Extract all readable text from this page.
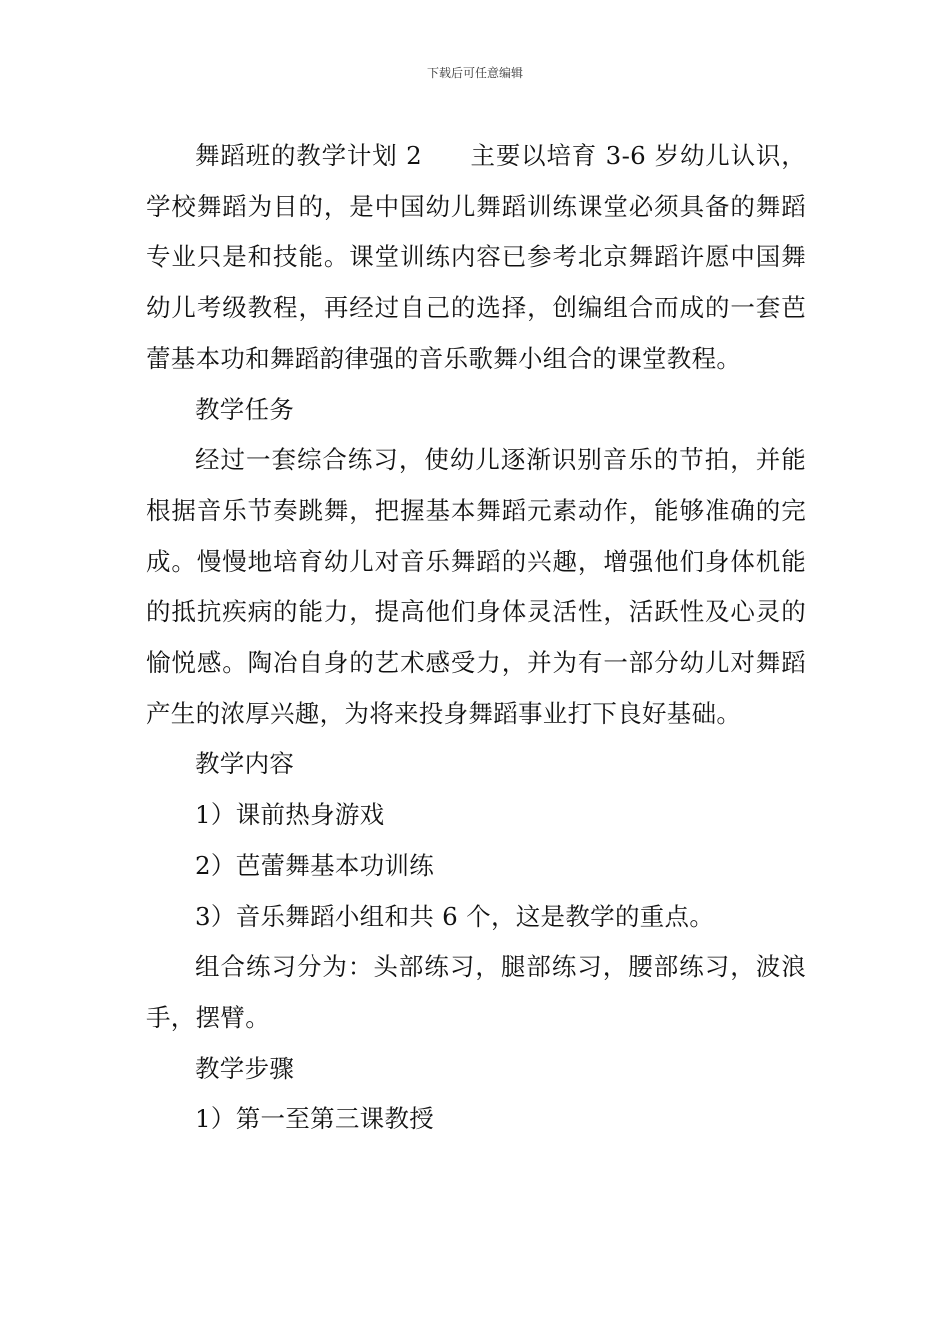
下载后可任意编辑

舞蹈班的教学计划 2 主要以培育 3-6 岁幼儿认识，学校舞蹈为目的，是中国幼儿舞蹈训练课堂必须具备的舞蹈专业只是和技能。课堂训练内容已参考北京舞蹈许愿中国舞幼儿考级教程，再经过自己的选择，创编组合而成的一套芭蕾基本功和舞蹈韵律强的音乐歌舞小组合的课堂教程。

教学任务

经过一套综合练习，使幼儿逐渐识别音乐的节拍，并能根据音乐节奏跳舞，把握基本舞蹈元素动作，能够准确的完成。慢慢地培育幼儿对音乐舞蹈的兴趣，增强他们身体机能的抵抗疾病的能力，提高他们身体灵活性，活跃性及心灵的愉悦感。陶冶自身的艺术感受力，并为有一部分幼儿对舞蹈产生的浓厚兴趣，为将来投身舞蹈事业打下良好基础。

教学内容

1）课前热身游戏

2）芭蕾舞基本功训练

3）音乐舞蹈小组和共 6 个，这是教学的重点。

组合练习分为：头部练习，腿部练习，腰部练习，波浪手，摆臂。

教学步骤

1）第一至第三课教授
